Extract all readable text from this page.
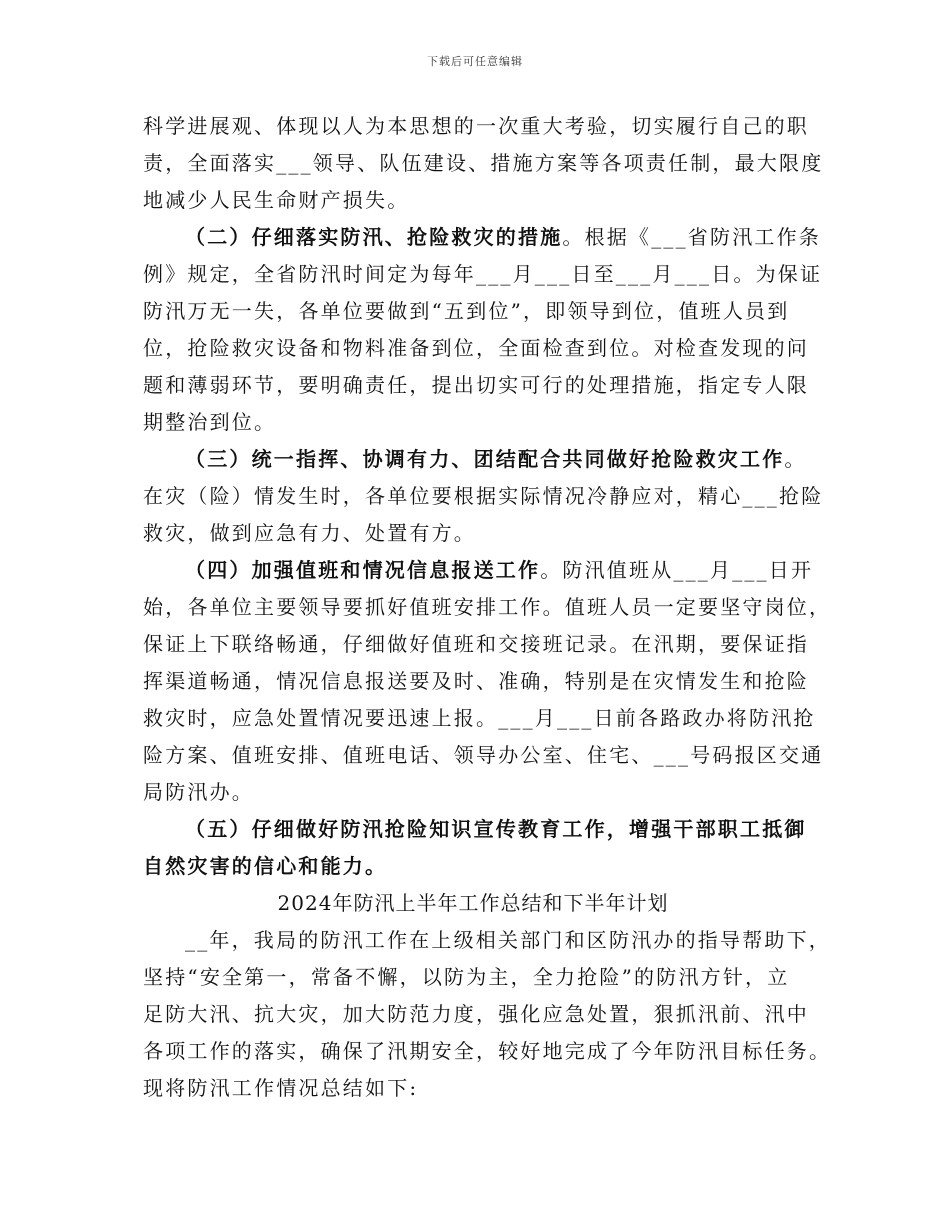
下载后可任意编辑
科学进展观、体现以人为本思想的一次重大考验，切实履行自己的职
责，全面落实___领导、队伍建设、措施方案等各项责任制，最大限度
地减少人民生命财产损失。
（二）仔细落实防汛、抢险救灾的措施。根据《___省防汛工作条
例》规定，全省防汛时间定为每年___月___日至___月___日。为保证
防汛万无一失，各单位要做到“五到位”，即领导到位，值班人员到
位，抢险救灾设备和物料准备到位，全面检查到位。对检查发现的问
题和薄弱环节，要明确责任，提出切实可行的处理措施，指定专人限
期整治到位。
（三）统一指挥、协调有力、团结配合共同做好抢险救灾工作。
在灾（险）情发生时，各单位要根据实际情况冷静应对，精心___抢险
救灾，做到应急有力、处置有方。
（四）加强值班和情况信息报送工作。防汛值班从___月___日开
始，各单位主要领导要抓好值班安排工作。值班人员一定要坚守岗位，
保证上下联络畅通，仔细做好值班和交接班记录。在汛期，要保证指
挥渠道畅通，情况信息报送要及时、准确，特别是在灾情发生和抢险
救灾时，应急处置情况要迅速上报。___月___日前各路政办将防汛抢
险方案、值班安排、值班电话、领导办公室、住宅、___号码报区交通
局防汛办。
（五）仔细做好防汛抢险知识宣传教育工作，增强干部职工抵御
自然灾害的信心和能力。
2024年防汛上半年工作总结和下半年计划
__年，我局的防汛工作在上级相关部门和区防汛办的指导帮助下，
坚持“安全第一，常备不懈，以防为主，全力抢险”的防汛方针，立
足防大汛、抗大灾，加大防范力度，强化应急处置，狠抓汛前、汛中
各项工作的落实，确保了汛期安全，较好地完成了今年防汛目标任务。
现将防汛工作情况总结如下:
